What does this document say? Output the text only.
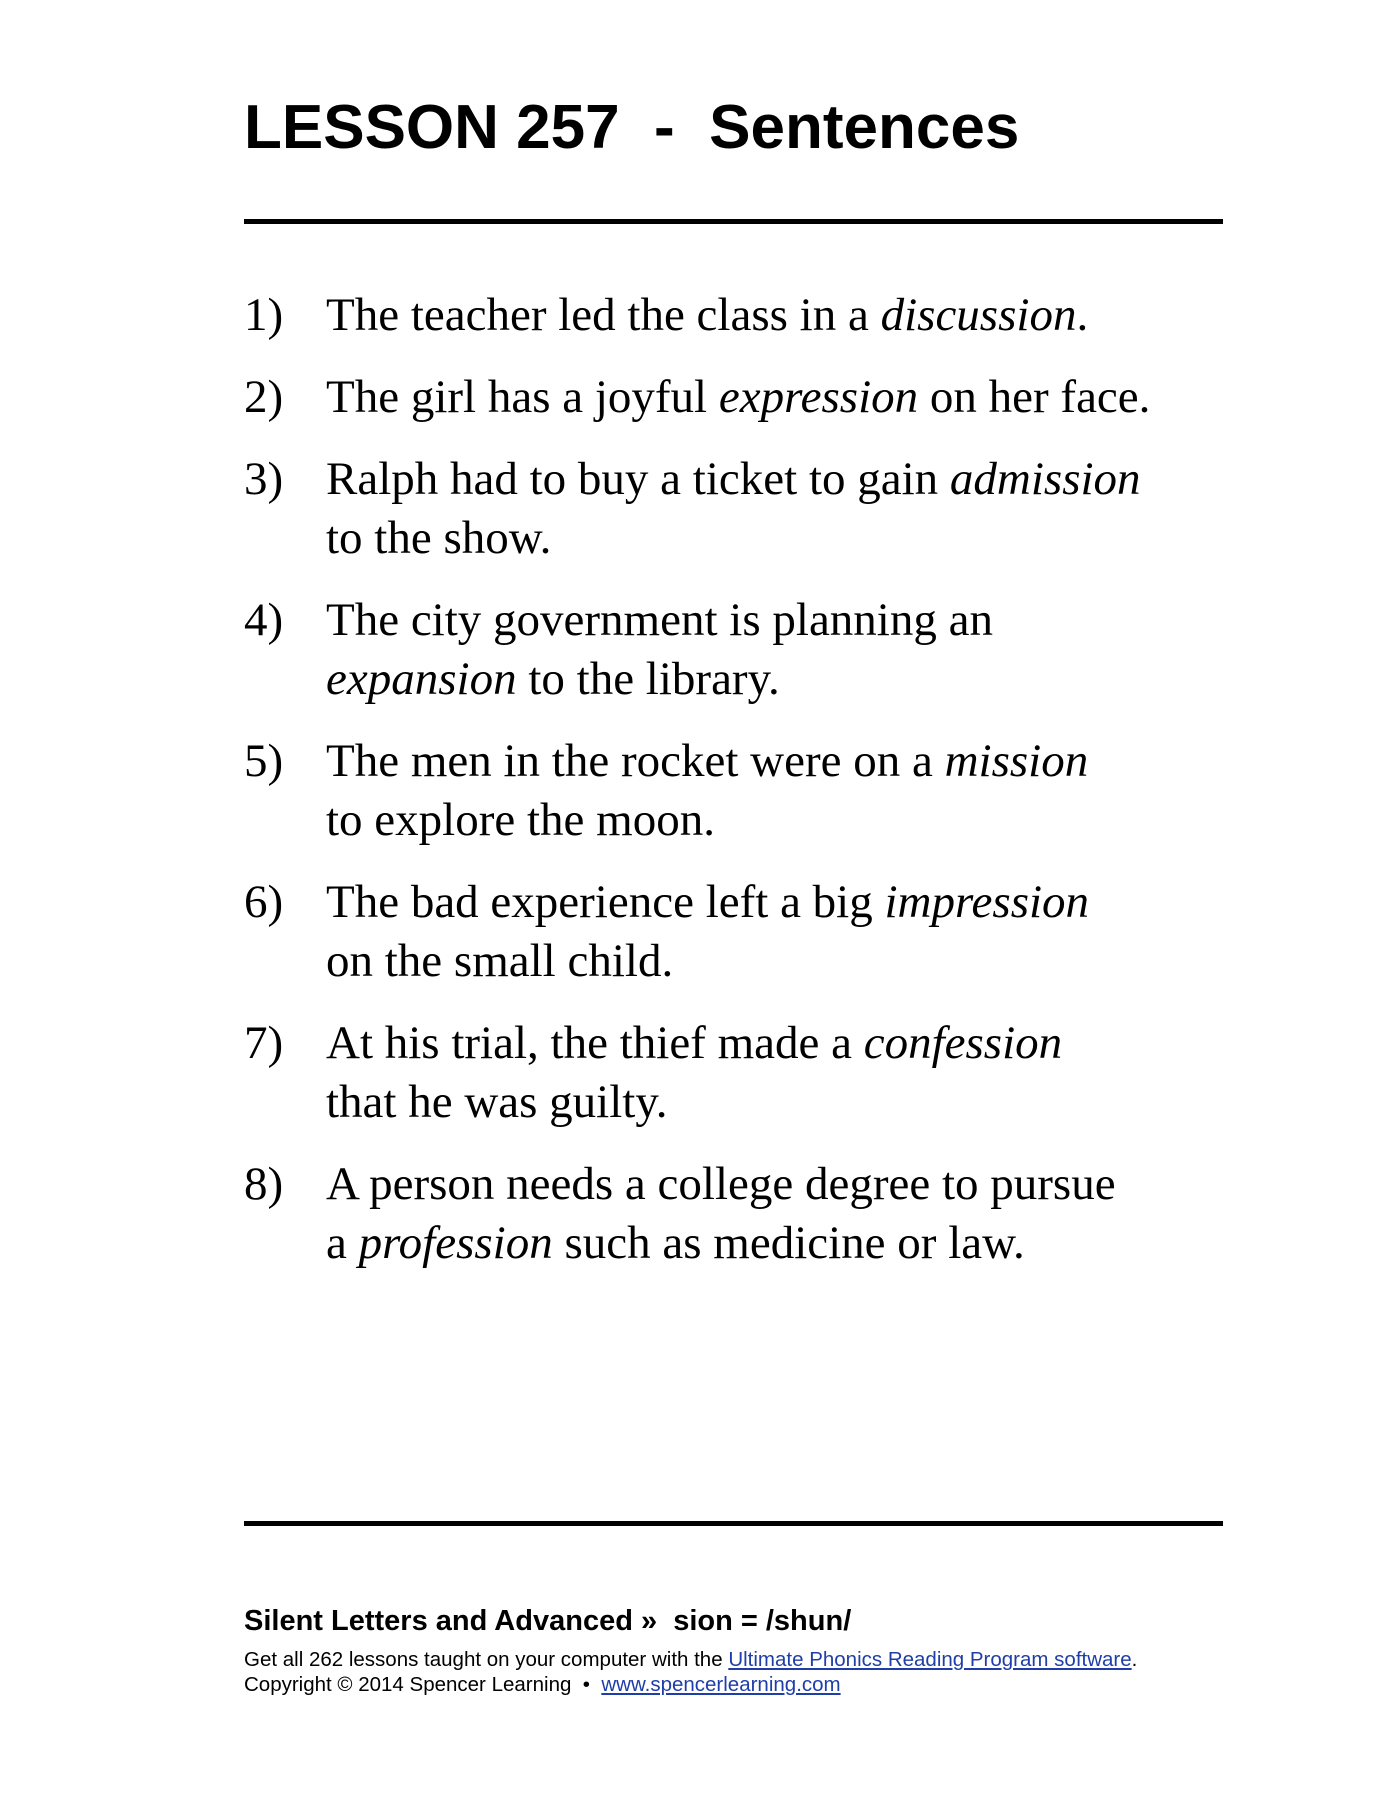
LESSON 257  -  Sentences
1) The teacher led the class in a discussion.
2) The girl has a joyful expression on her face.
3) Ralph had to buy a ticket to gain admission
to the show.
4) The city government is planning an
expansion to the library.
5) The men in the rocket were on a mission
to explore the moon.
6) The bad experience left a big impression
on the small child.
7) At his trial, the thief made a confession
that he was guilty.
8) A person needs a college degree to pursue
a profession such as medicine or law.
Silent Letters and Advanced »  sion = /shun/
Get all 262 lessons taught on your computer with the Ultimate Phonics Reading Program software.
Copyright © 2014 Spencer Learning  •  www.spencerlearning.com
